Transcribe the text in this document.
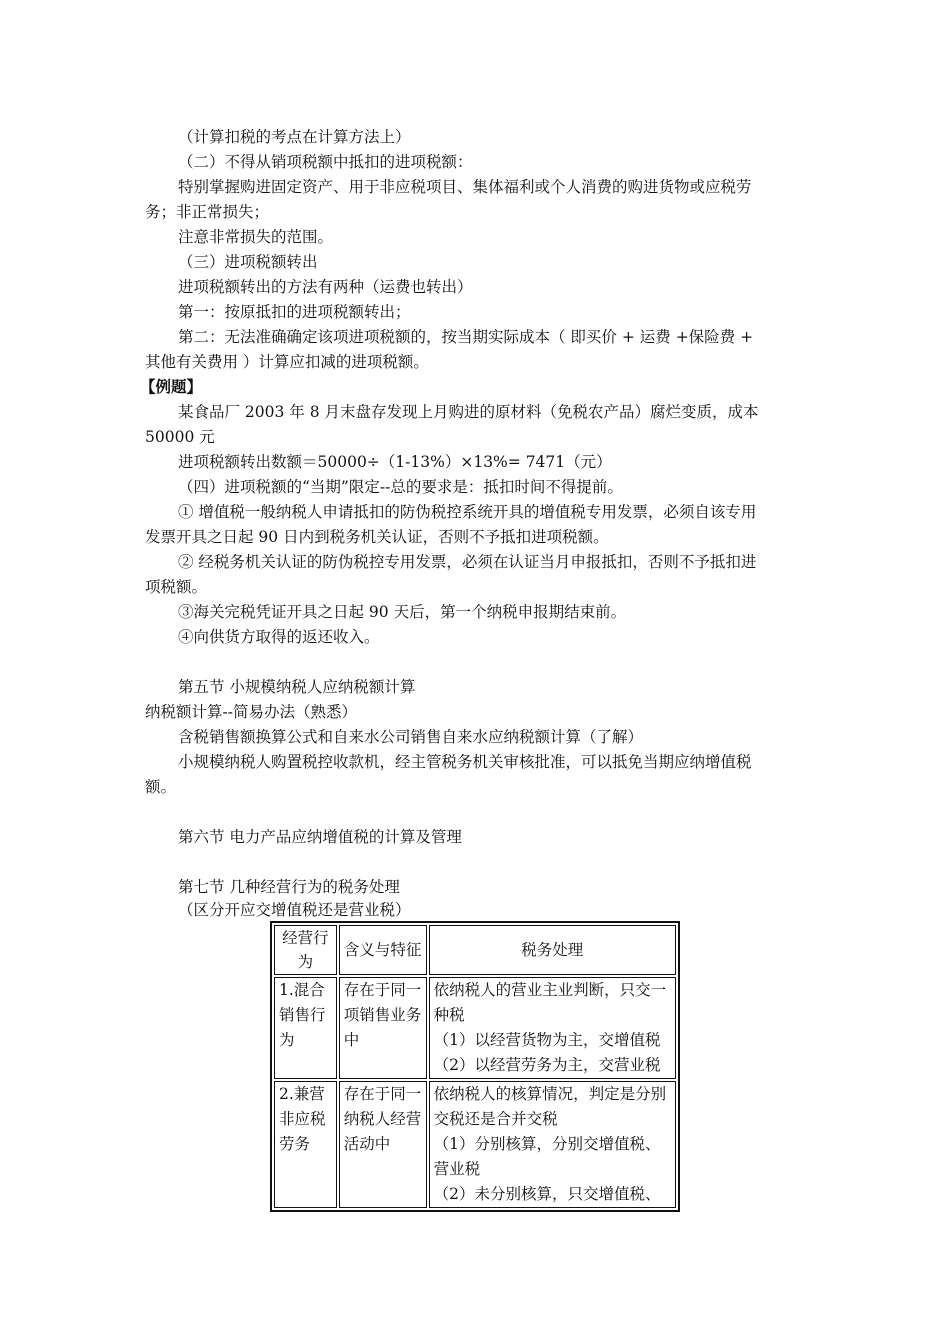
（计算扣税的考点在计算方法上）

（二）不得从销项税额中抵扣的进项税额：

特别掌握购进固定资产、用于非应税项目、集体福利或个人消费的购进货物或应税劳

务；非正常损失；

注意非常损失的范围。

（三）进项税额转出

进项税额转出的方法有两种（运费也转出）

第一：按原抵扣的进项税额转出；

第二：无法准确确定该项进项税额的，按当期实际成本（ 即买价 + 运费 +保险费 +

其他有关费用 ）计算应扣减的进项税额。

【例题】

某食品厂 2003 年 8 月末盘存发现上月购进的原材料（免税农产品）腐烂变质，成本

50000 元

进项税额转出数额＝50000÷（1-13%）×13%= 7471（元）

（四）进项税额的“当期”限定--总的要求是：抵扣时间不得提前。

① 增值税一般纳税人申请抵扣的防伪税控系统开具的增值税专用发票，必须自该专用

发票开具之日起 90 日内到税务机关认证，否则不予抵扣进项税额。

② 经税务机关认证的防伪税控专用发票，必须在认证当月申报抵扣，否则不予抵扣进

项税额。

③海关完税凭证开具之日起 90 天后，第一个纳税申报期结束前。

④向供货方取得的返还收入。

第五节 小规模纳税人应纳税额计算

纳税额计算--简易办法（熟悉）

含税销售额换算公式和自来水公司销售自来水应纳税额计算（了解）

小规模纳税人购置税控收款机，经主管税务机关审核批准，可以抵免当期应纳增值税

额。

第六节 电力产品应纳增值税的计算及管理

第七节 几种经营行为的税务处理

（区分开应交增值税还是营业税）

经营行为	含义与特征	税务处理
1.混合销售行为	存在于同一项销售业务中	依纳税人的营业主业判断，只交一种税
（1）以经营货物为主，交增值税
（2）以经营劳务为主，交营业税

2.兼营非应税劳务	存在于同一纳税人经营活动中	依纳税人的核算情况，判定是分别交税还是合并交税
（1）分别核算，分别交增值税、营业税
（2）未分别核算，只交增值税、
